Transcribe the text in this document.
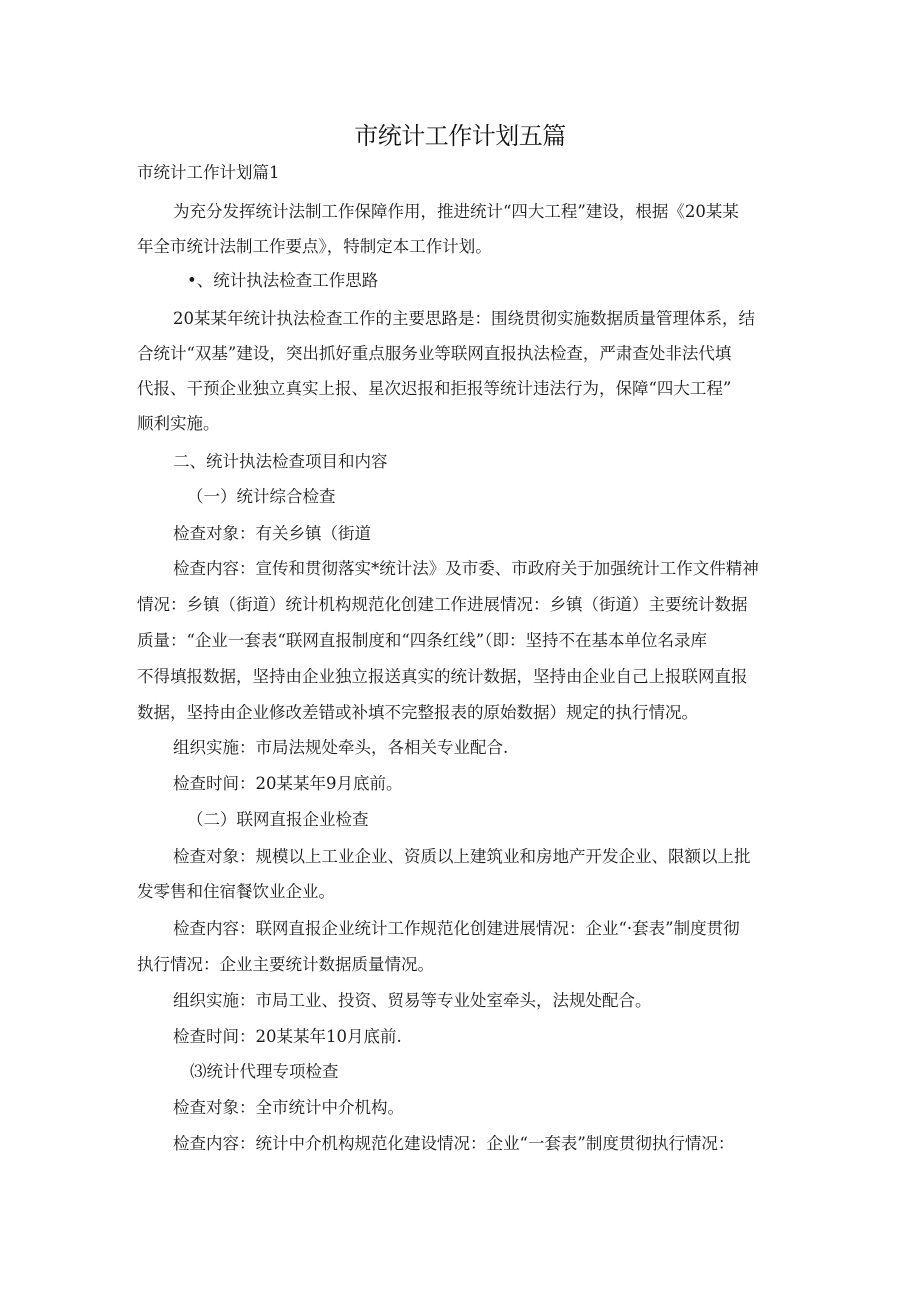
市统计工作计划五篇
市统计工作计划篇1
为充分发挥统计法制工作保障作用，推进统计“四大工程”建设，根据《20某某
年全市统计法制工作要点》，特制定本工作计划。
•、统计执法检查工作思路
20某某年统计执法检查工作的主要思路是：围绕贯彻实施数据质量管理体系，结
合统计“双基”建设，突出抓好重点服务业等联网直报执法检查，严肃查处非法代填
代报、干预企业独立真实上报、星次迟报和拒报等统计违法行为，保障“四大工程”
顺利实施。
二、统计执法检查项目和内容
（一）统计综合检查
检查对象：有关乡镇（街道
检查内容：宣传和贯彻落实*统计法》及市委、市政府关于加强统计工作文件精神
情况：乡镇（街道）统计机构规范化创建工作进展情况：乡镇（街道）主要统计数据
质量：“企业一套表“联网直报制度和“四条红线”（即：坚持不在基本单位名录库
不得填报数据，坚持由企业独立报送真实的统计数据，坚持由企业自己上报联网直报
数据，坚持由企业修改差错或补填不完整报表的原始数据）规定的执行情况。
组织实施：市局法规处牵头，各相关专业配合.
检查时间：20某某年9月底前。
（二）联网直报企业检查
检查对象：规模以上工业企业、资质以上建筑业和房地产开发企业、限额以上批
发零售和住宿餐饮业企业。
检查内容：联网直报企业统计工作规范化创建进展情况：企业“·套表”制度贯彻
执行情况：企业主要统计数据质量情况。
组织实施：市局工业、投资、贸易等专业处室牵头，法规处配合。
检查时间：20某某年10月底前.
⑶统计代理专项检查
检查对象：全市统计中介机构。
检查内容：统计中介机构规范化建设情况：企业“一套表”制度贯彻执行情况：
